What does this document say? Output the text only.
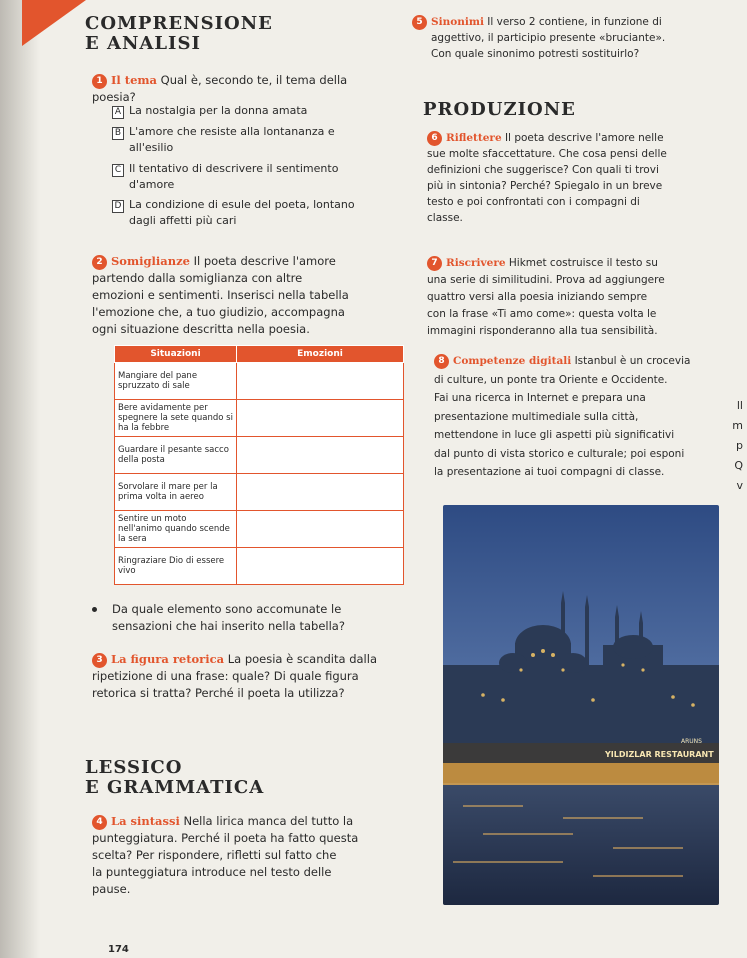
COMPRENSIONE
E ANALISI
1 Il tema Qual è, secondo te, il tema della
poesia?
A La nostalgia per la donna amata
B L'amore che resiste alla lontananza e
all'esilio
C Il tentativo di descrivere il sentimento
d'amore
D La condizione di esule del poeta, lontano
dagli affetti più cari
2 Somiglianze Il poeta descrive l'amore
partendo dalla somiglianza con altre
emozioni e sentimenti. Inserisci nella tabella
l'emozione che, a tuo giudizio, accompagna
ogni situazione descritta nella poesia.
Situazioni	Emozioni
Mangiare del pane spruzzato di sale	
Bere avidamente per spegnere la sete quando si ha la febbre	
Guardare il pesante sacco della posta	
Sorvolare il mare per la prima volta in aereo	
Sentire un moto nell'animo quando scende la sera	
Ringraziare Dio di essere vivo	
Da quale elemento sono accomunate le
sensazioni che hai inserito nella tabella?
3 La figura retorica La poesia è scandita dalla
ripetizione di una frase: quale? Di quale figura
retorica si tratta? Perché il poeta la utilizza?
LESSICO
E GRAMMATICA
4 La sintassi Nella lirica manca del tutto la
punteggiatura. Perché il poeta ha fatto questa
scelta? Per rispondere, rifletti sul fatto che
la punteggiatura introduce nel testo delle
pause.
5 Sinonimi Il verso 2 contiene, in funzione di
aggettivo, il participio presente «bruciante».
Con quale sinonimo potresti sostituirlo?
PRODUZIONE
6 Riflettere Il poeta descrive l'amore nelle
sue molte sfaccettature. Che cosa pensi delle
definizioni che suggerisce? Con quali ti trovi
più in sintonia? Perché? Spiegalo in un breve
testo e poi confrontati con i compagni di
classe.
7 Riscrivere Hikmet costruisce il testo su
una serie di similitudini. Prova ad aggiungere
quattro versi alla poesia iniziando sempre
con la frase «Ti amo come»: questa volta le
immagini risponderanno alla tua sensibilità.
8 Competenze digitali Istanbul è un crocevia
di culture, un ponte tra Oriente e Occidente.
Fai una ricerca in Internet e prepara una
presentazione multimediale sulla città,
mettendone in luce gli aspetti più significativi
dal punto di vista storico e culturale; poi esponi
la presentazione ai tuoi compagni di classe.
ll
m
p
Q
v
YILDIZLAR RESTAURANT
ARUNS
174
